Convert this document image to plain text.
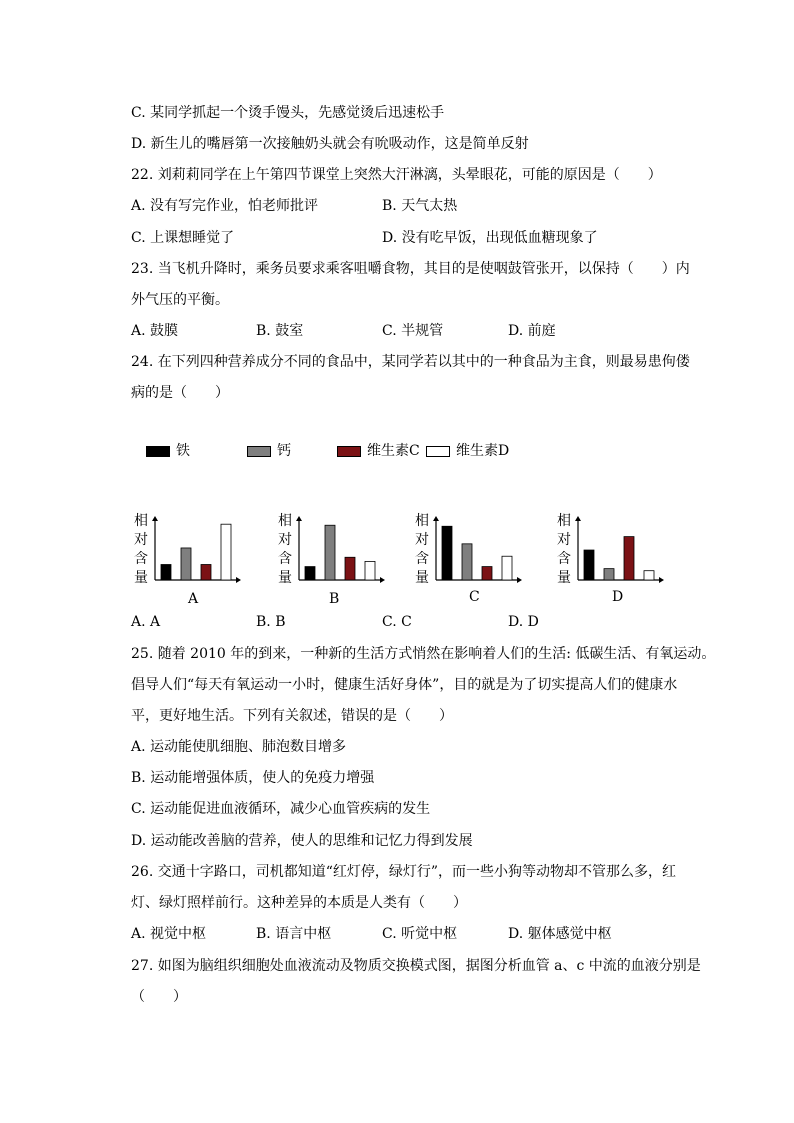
C. 某同学抓起一个烫手馒头，先感觉烫后迅速松手
D. 新生儿的嘴唇第一次接触奶头就会有吮吸动作，这是简单反射
22. 刘莉莉同学在上午第四节课堂上突然大汗淋漓，头晕眼花，可能的原因是（　　）
A. 没有写完作业，怕老师批评	B. 天气太热
C. 上课想睡觉了	D. 没有吃早饭，出现低血糖现象了
23. 当飞机升降时，乘务员要求乘客咀嚼食物，其目的是使咽鼓管张开，以保持（　　）内
外气压的平衡。
A. 鼓膜	B. 鼓室	C. 半规管	D. 前庭
24. 在下列四种营养成分不同的食品中，某同学若以其中的一种食品为主食，则最易患佝偻
病的是（　　）
铁	钙	维生素C	维生素D
相
对
含
量
A
相
对
含
量
B
相
对
含
量
C
相
对
含
量
D
A. A	B. B	C. C	D. D
25. 随着 2010 年的到来，一种新的生活方式悄然在影响着人们的生活: 低碳生活、有氧运动。
倡导人们“每天有氧运动一小时，健康生活好身体”，目的就是为了切实提高人们的健康水
平，更好地生活。下列有关叙述，错误的是（　　）
A. 运动能使肌细胞、肺泡数目增多
B. 运动能增强体质，使人的免疫力增强
C. 运动能促进血液循环，减少心血管疾病的发生
D. 运动能改善脑的营养，使人的思维和记忆力得到发展
26. 交通十字路口，司机都知道“红灯停，绿灯行”，而一些小狗等动物却不管那么多，红
灯、绿灯照样前行。这种差异的本质是人类有（　　）
A. 视觉中枢	B. 语言中枢	C. 听觉中枢	D. 躯体感觉中枢
27. 如图为脑组织细胞处血液流动及物质交换模式图，据图分析血管 a、c 中流的血液分别是
（　　）
